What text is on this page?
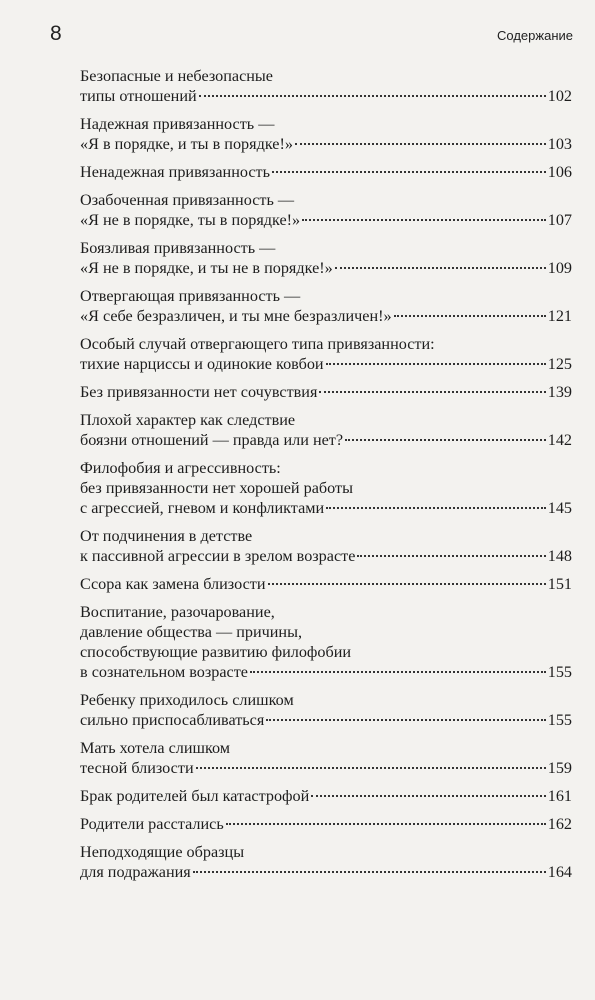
8	Содержание
Безопасные и небезопасные
типы отношений	102
Надежная привязанность —
«Я в порядке, и ты в порядке!»	103
Ненадежная привязанность	106
Озабоченная привязанность —
«Я не в порядке, ты в порядке!»	107
Боязливая привязанность —
«Я не в порядке, и ты не в порядке!»	109
Отвергающая привязанность —
«Я себе безразличен, и ты мне безразличен!»	121
Особый случай отвергающего типа привязанности:
тихие нарциссы и одинокие ковбои	125
Без привязанности нет сочувствия	139
Плохой характер как следствие
боязни отношений — правда или нет?	142
Филофобия и агрессивность:
без привязанности нет хорошей работы
с агрессией, гневом и конфликтами	145
От подчинения в детстве
к пассивной агрессии в зрелом возрасте	148
Ссора как замена близости	151
Воспитание, разочарование,
давление общества — причины,
способствующие развитию филофобии
в сознательном возрасте	155
Ребенку приходилось слишком
сильно приспосабливаться	155
Мать хотела слишком
тесной близости	159
Брак родителей был катастрофой	161
Родители расстались	162
Неподходящие образцы
для подражания	164
